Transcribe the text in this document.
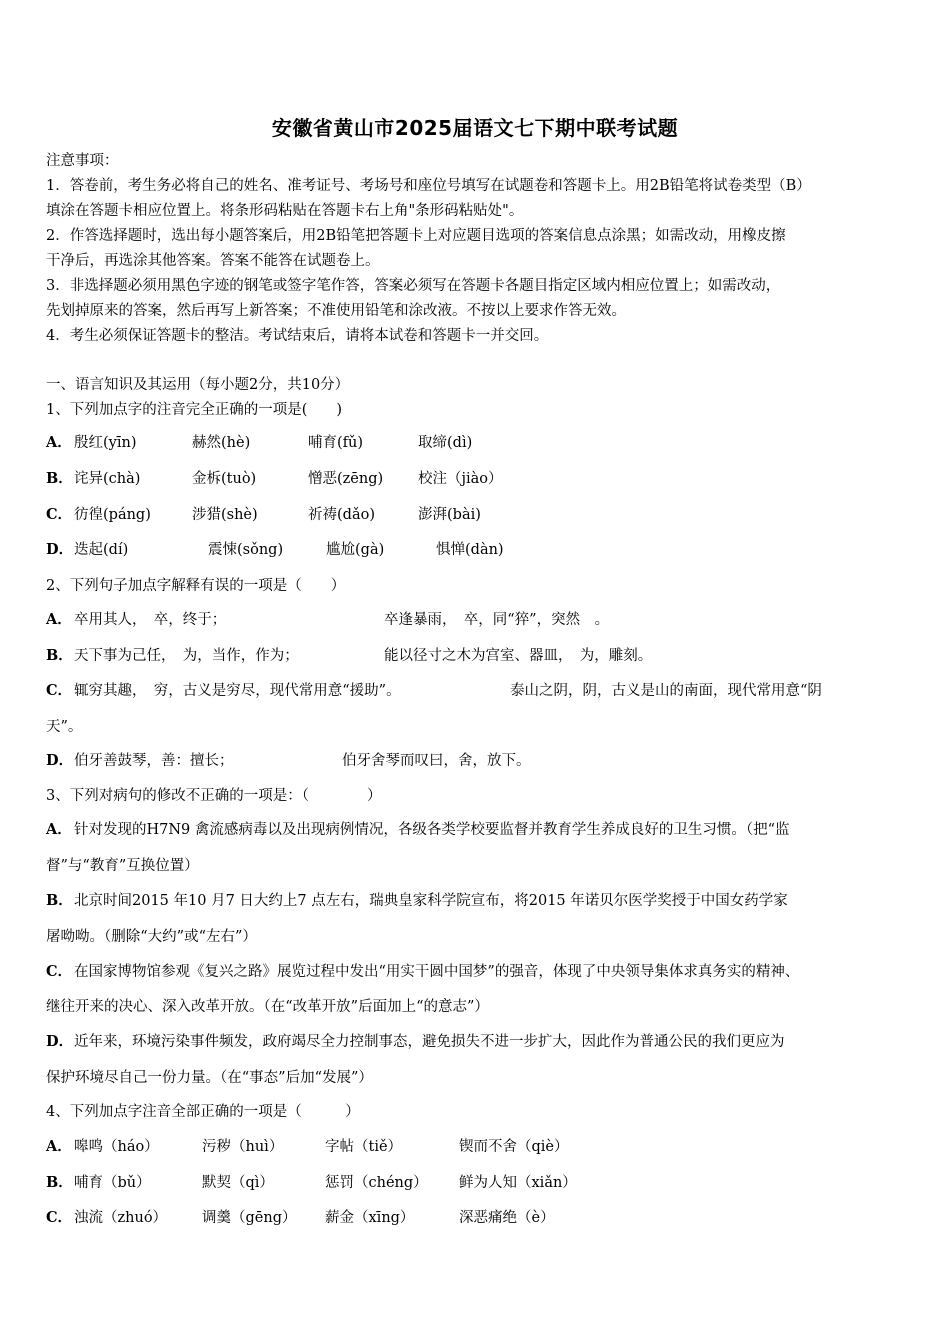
安徽省黄山市2025届语文七下期中联考试题
注意事项：
1．答卷前，考生务必将自己的姓名、准考证号、考场号和座位号填写在试题卷和答题卡上。用2B铅笔将试卷类型（B）
填涂在答题卡相应位置上。将条形码粘贴在答题卡右上角"条形码粘贴处"。
2．作答选择题时，选出每小题答案后，用2B铅笔把答题卡上对应题目选项的答案信息点涂黑；如需改动，用橡皮擦
干净后，再选涂其他答案。答案不能答在试题卷上。
3．非选择题必须用黑色字迹的钢笔或签字笔作答，答案必须写在答题卡各题目指定区域内相应位置上；如需改动，
先划掉原来的答案，然后再写上新答案；不准使用铅笔和涂改液。不按以上要求作答无效。
4．考生必须保证答题卡的整洁。考试结束后，请将本试卷和答题卡一并交回。
一、语言知识及其运用（每小题2分，共10分）
1、下列加点字的注音完全正确的一项是(　　)
A． 殷红(yīn)	赫然(hè)	哺育(fǔ)	取缔(dì)
B． 诧异(chà)	金柝(tuò)	憎恶(zēng) 校注（jiào）
C． 彷徨(páng)	涉猎(shè)	祈祷(dǎo)	澎湃(bài)
D． 迭起(dí)	震悚(sǒng)	尴尬(gà)	惧惮(dàn)
2、下列句子加点字解释有误的一项是（　　）
A． 卒用其人，　卒，终于；	卒逢暴雨，　卒，同“猝”，突然　。
B． 天下事为己任，　为，当作，作为；	能以径寸之木为宫室、器皿，　为，雕刻。
C． 辄穷其趣，　穷，古义是穷尽，现代常用意“援助”。	泰山之阴，阴，古义是山的南面，现代常用意“阴
天”。
D． 伯牙善鼓琴，善：擅长；	伯牙舍琴而叹曰，舍，放下。
3、下列对病句的修改不正确的一项是：（　　　　）
A． 针对发现的H7N9 禽流感病毒以及出现病例情况，各级各类学校要监督并教育学生养成良好的卫生习惯。（把“监
督”与“教育”互换位置）
B．北京时间2015 年10 月7 日大约上7 点左右，瑞典皇家科学院宣布，将2015 年诺贝尔医学奖授于中国女药学家
屠呦呦。（删除“大约”或“左右”）
C． 在国家博物馆参观《复兴之路》展览过程中发出“用实干圆中国梦”的强音，体现了中央领导集体求真务实的精神、
继往开来的决心、深入改革开放。（在“改革开放”后面加上“的意志”）
D．近年来，环境污染事件频发，政府竭尽全力控制事态，避免损失不进一步扩大，因此作为普通公民的我们更应为
保护环境尽自己一份力量。（在“事态”后加“发展”）
4、下列加点字注音全部正确的一项是（　　　）
A． 嗥鸣（háo）	污秽（huì）	字帖（tiě）	锲而不舍（qiè）
B． 哺育（bǔ）	默契（qì）	惩罚（chéng） 鲜为人知（xiǎn）
C． 浊流（zhuó） 调羹（gēng） 薪金（xīng）	深恶痛绝（è）
